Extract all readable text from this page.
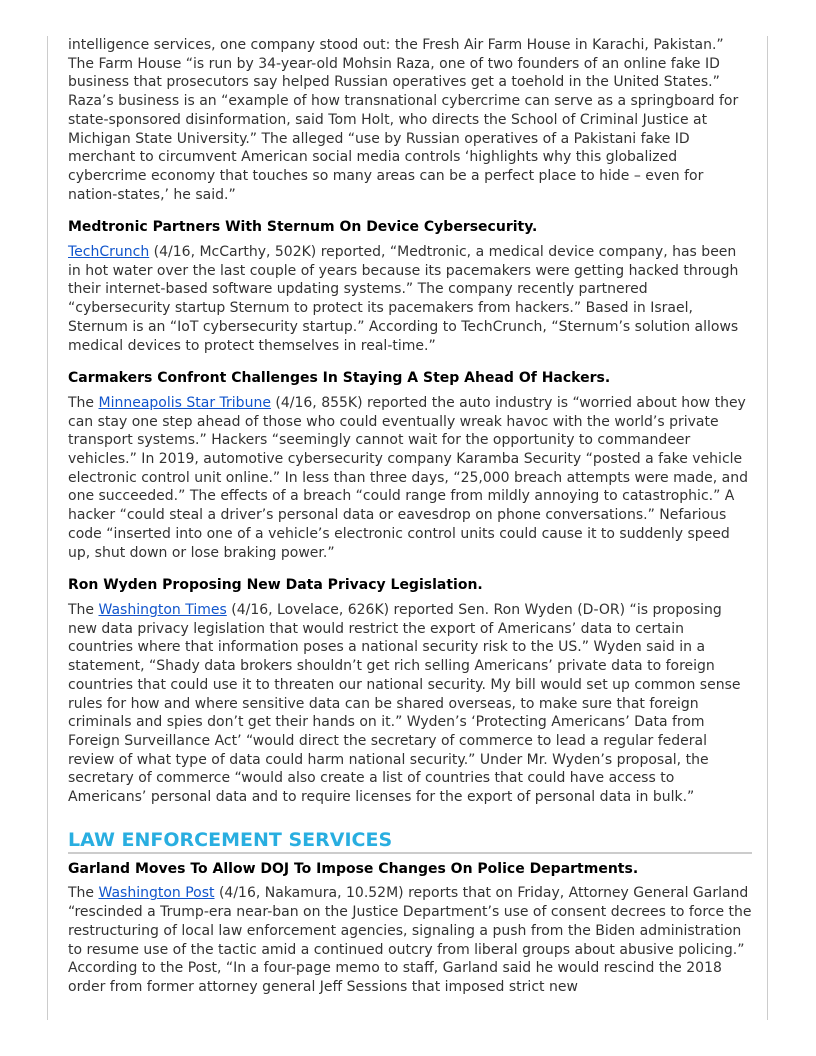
intelligence services, one company stood out: the Fresh Air Farm House in Karachi, Pakistan.” The Farm House “is run by 34-year-old Mohsin Raza, one of two founders of an online fake ID business that prosecutors say helped Russian operatives get a toehold in the United States.” Raza’s business is an “example of how transnational cybercrime can serve as a springboard for state-sponsored disinformation, said Tom Holt, who directs the School of Criminal Justice at Michigan State University.” The alleged “use by Russian operatives of a Pakistani fake ID merchant to circumvent American social media controls ‘highlights why this globalized cybercrime economy that touches so many areas can be a perfect place to hide – even for nation-states,’ he said.”

Medtronic Partners With Sternum On Device Cybersecurity.

TechCrunch (4/16, McCarthy, 502K) reported, “Medtronic, a medical device company, has been in hot water over the last couple of years because its pacemakers were getting hacked through their internet-based software updating systems.” The company recently partnered “cybersecurity startup Sternum to protect its pacemakers from hackers.” Based in Israel, Sternum is an “IoT cybersecurity startup.” According to TechCrunch, “Sternum’s solution allows medical devices to protect themselves in real-time.”

Carmakers Confront Challenges In Staying A Step Ahead Of Hackers.

The Minneapolis Star Tribune (4/16, 855K) reported the auto industry is “worried about how they can stay one step ahead of those who could eventually wreak havoc with the world’s private transport systems.” Hackers “seemingly cannot wait for the opportunity to commandeer vehicles.” In 2019, automotive cybersecurity company Karamba Security “posted a fake vehicle electronic control unit online.” In less than three days, “25,000 breach attempts were made, and one succeeded.” The effects of a breach “could range from mildly annoying to catastrophic.” A hacker “could steal a driver’s personal data or eavesdrop on phone conversations.” Nefarious code “inserted into one of a vehicle’s electronic control units could cause it to suddenly speed up, shut down or lose braking power.”

Ron Wyden Proposing New Data Privacy Legislation.

The Washington Times (4/16, Lovelace, 626K) reported Sen. Ron Wyden (D-OR) “is proposing new data privacy legislation that would restrict the export of Americans’ data to certain countries where that information poses a national security risk to the US.” Wyden said in a statement, “Shady data brokers shouldn’t get rich selling Americans’ private data to foreign countries that could use it to threaten our national security. My bill would set up common sense rules for how and where sensitive data can be shared overseas, to make sure that foreign criminals and spies don’t get their hands on it.” Wyden’s ‘Protecting Americans’ Data from Foreign Surveillance Act’ “would direct the secretary of commerce to lead a regular federal review of what type of data could harm national security.” Under Mr. Wyden’s proposal, the secretary of commerce “would also create a list of countries that could have access to Americans’ personal data and to require licenses for the export of personal data in bulk.”

LAW ENFORCEMENT SERVICES
Garland Moves To Allow DOJ To Impose Changes On Police Departments.

The Washington Post (4/16, Nakamura, 10.52M) reports that on Friday, Attorney General Garland “rescinded a Trump-era near-ban on the Justice Department’s use of consent decrees to force the restructuring of local law enforcement agencies, signaling a push from the Biden administration to resume use of the tactic amid a continued outcry from liberal groups about abusive policing.” According to the Post, “In a four-page memo to staff, Garland said he would rescind the 2018 order from former attorney general Jeff Sessions that imposed strict new
